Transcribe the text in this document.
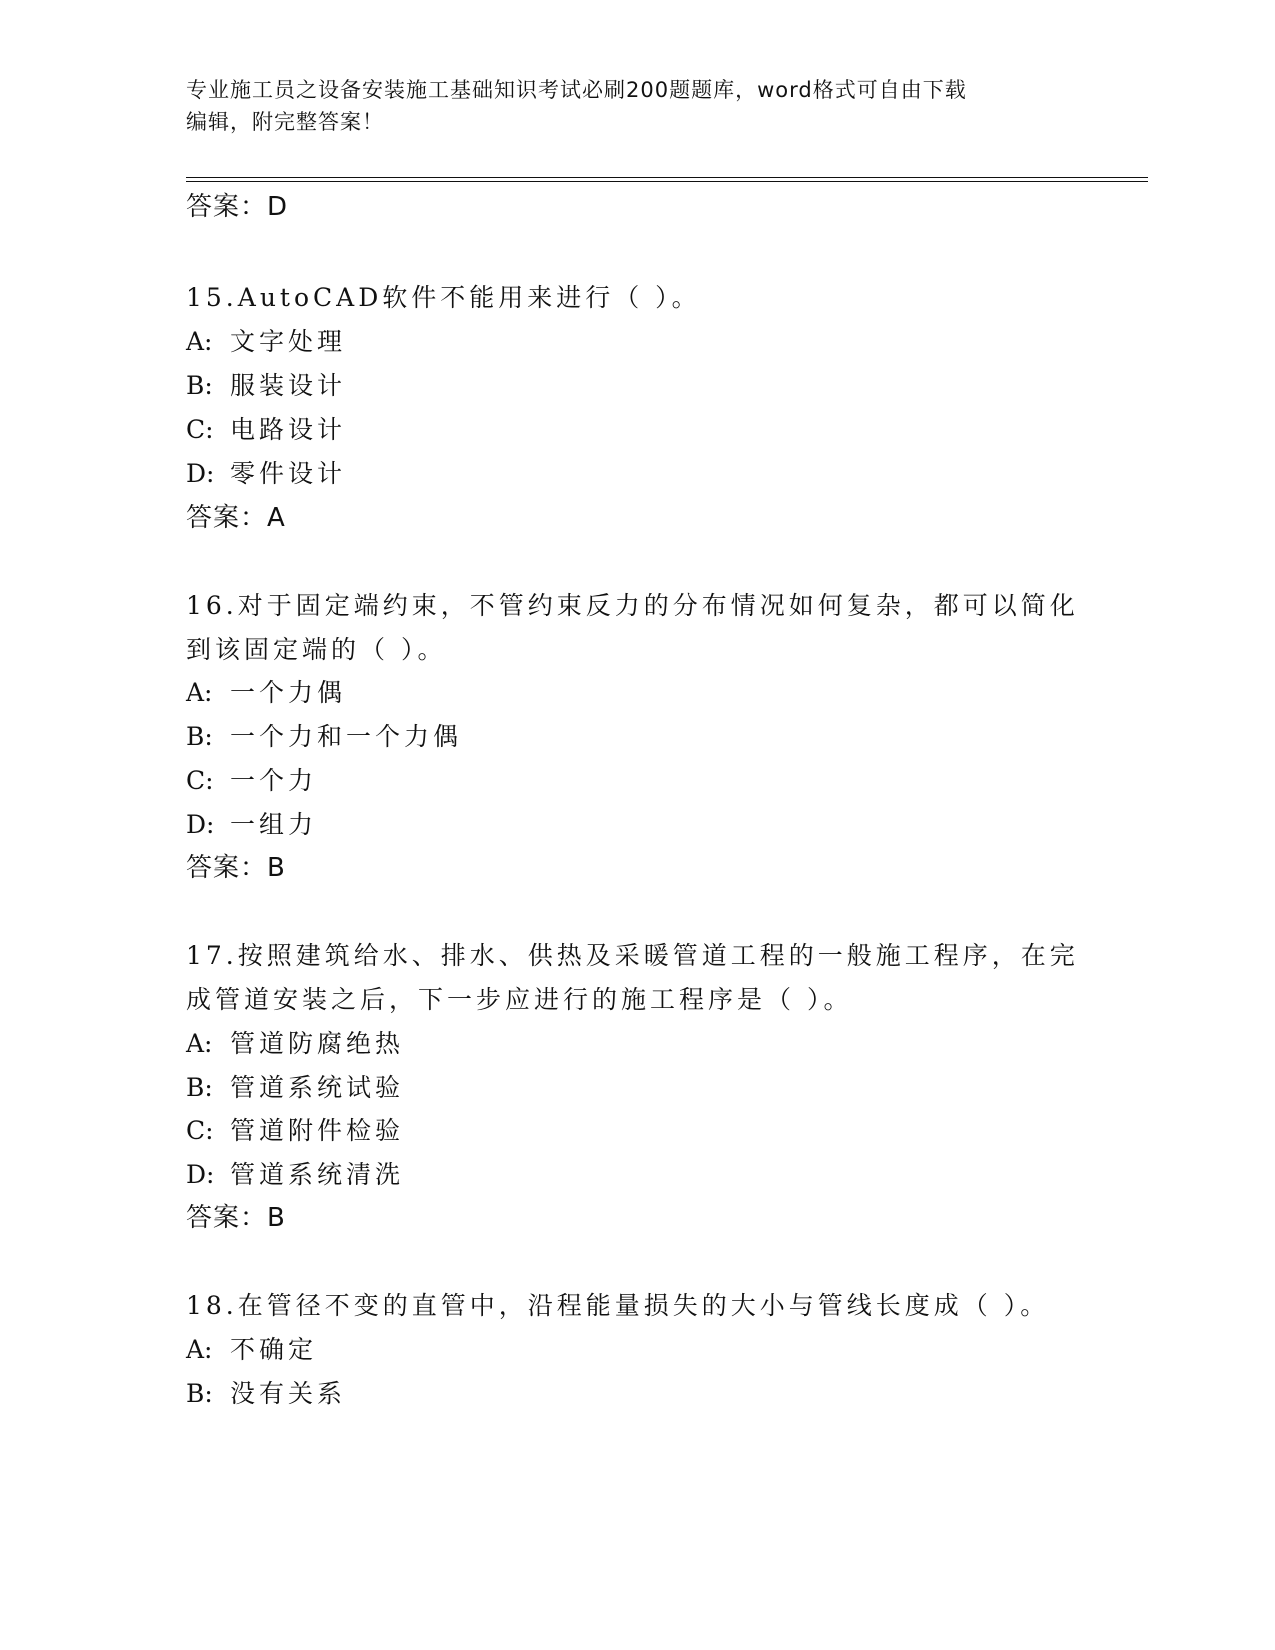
专业施工员之设备安装施工基础知识考试必刷200题题库，word格式可自由下载
编辑，附完整答案！
答案：D
15.AutoCAD软件不能用来进行（ ）。
A: 文字处理
B: 服装设计
C: 电路设计
D: 零件设计
答案：A
16.对于固定端约束，不管约束反力的分布情况如何复杂，都可以简化
到该固定端的（ ）。
A: 一个力偶
B: 一个力和一个力偶
C: 一个力
D: 一组力
答案：B
17.按照建筑给水、排水、供热及采暖管道工程的一般施工程序，在完
成管道安装之后，下一步应进行的施工程序是（ ）。
A: 管道防腐绝热
B: 管道系统试验
C: 管道附件检验
D: 管道系统清洗
答案：B
18.在管径不变的直管中，沿程能量损失的大小与管线长度成（ ）。
A: 不确定
B: 没有关系
